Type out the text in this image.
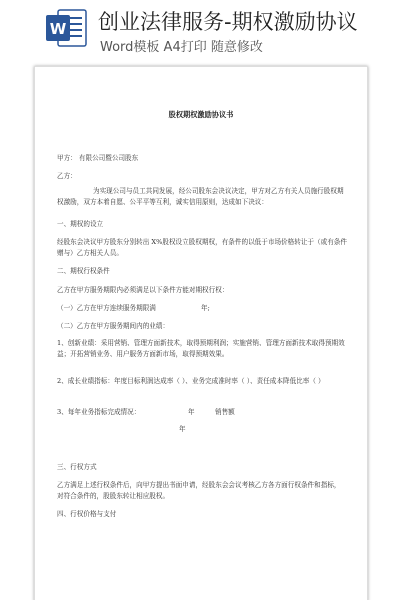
W 创业法律服务-期权激励协议
Word模板 A4打印 随意修改
股权期权激励协议书
甲方： 有限公司暨公司股东
乙方：
为实现公司与员工共同发展，经公司股东会决议决定，甲方对乙方有关人员施行股权期权激励，双方本着自愿、公平平等互利，诚实信用原则，达成如下决议：
一、期权的设立
经股东会决议甲方股东分别转出 X%股权设立股权期权，有条件的以低于市场价格转让于（或有条件赠与）乙方相关人员。
二、期权行权条件
乙方在甲方服务期限内必须满足以下条件方能对期权行权：
（一）乙方在甲方连续服务期限满	年;
（二）乙方在甲方服务期间内的业绩：
1、创新业绩：采用营销、管理方面新技术，取得预期利润；实施营销、管理方面新技术取得预期效益；开拓营销业务、用户服务方面新市场，取得预期效果。
2、成长业绩指标：年度目标利润达成率（ ）、业务完成准时率（ ）、责任成本降低比率（ ）
3、每年业务指标完成情况：	年	销售额
年
三、行权方式
乙方满足上述行权条件后，向甲方提出书面申请，经股东会会议考核乙方各方面行权条件和指标，对符合条件的，股股东转让相应股权。
四、行权价格与支付
